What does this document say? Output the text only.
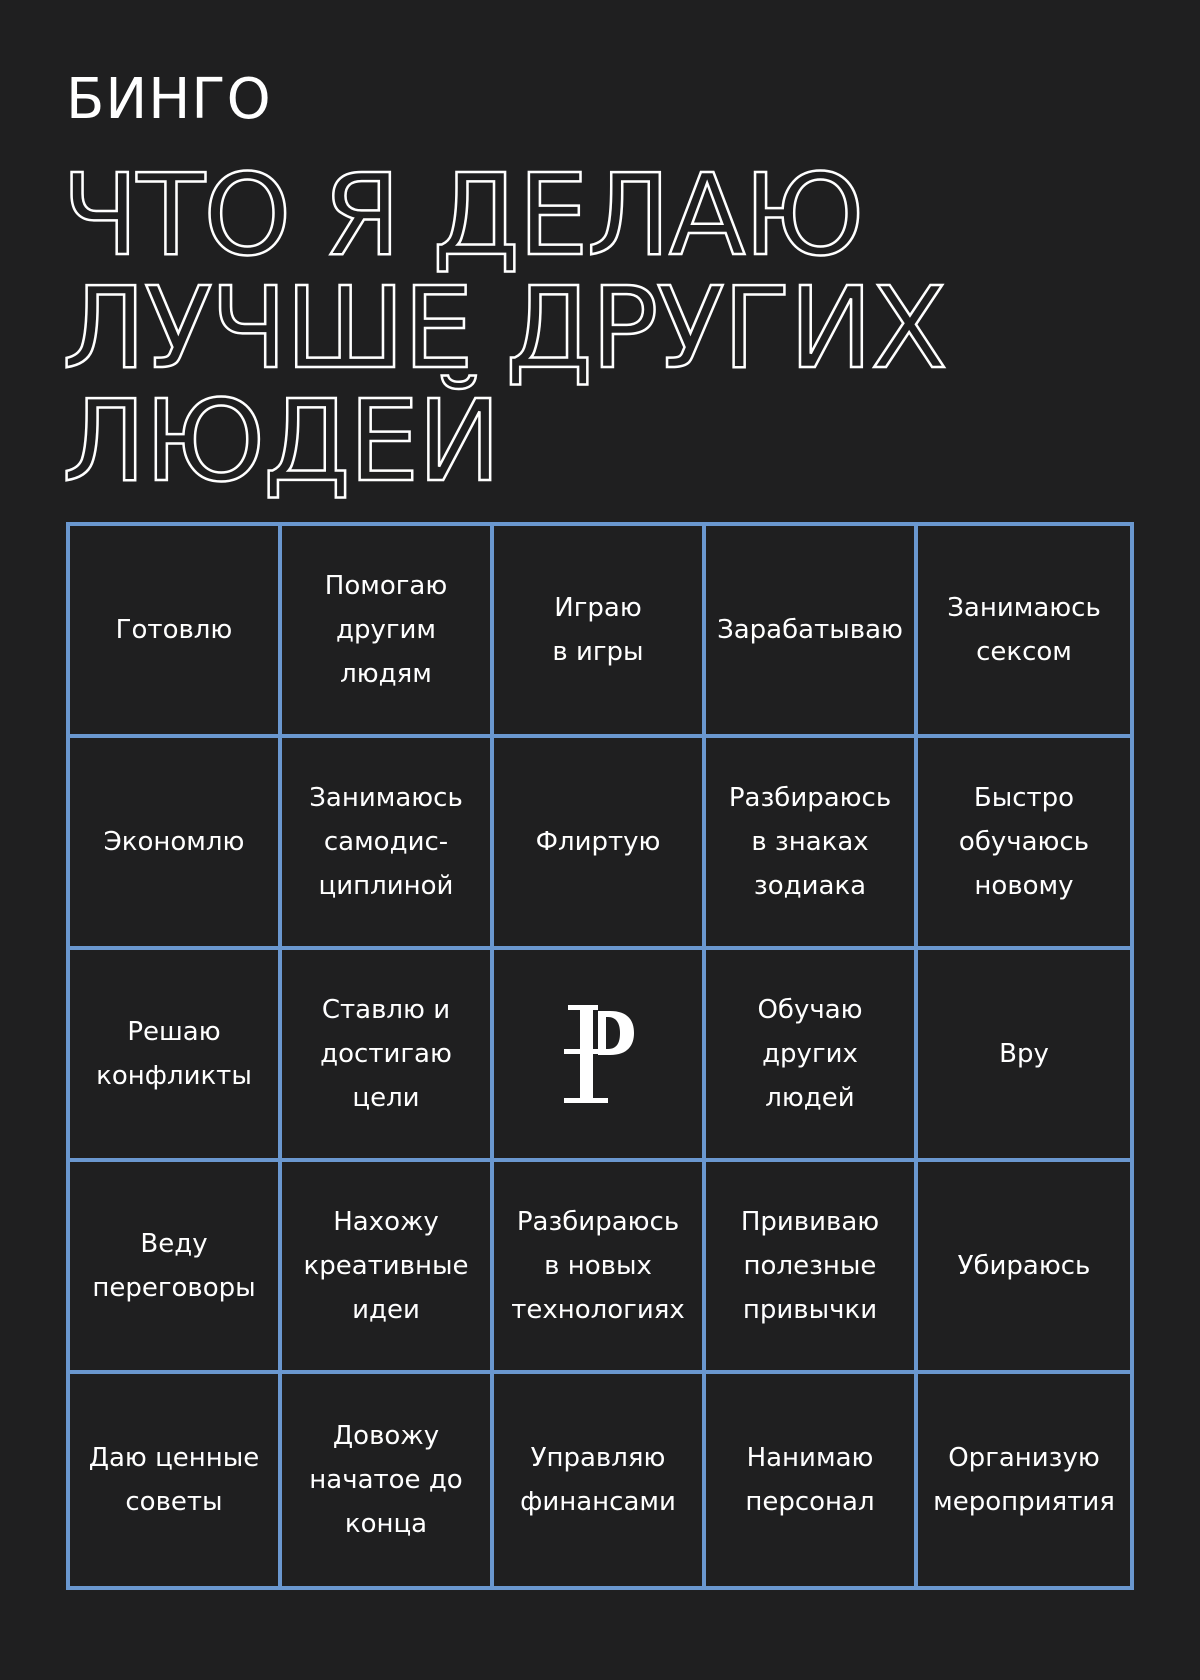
БИНГО
ЧТО Я ДЕЛАЮ
ЛУЧШЕ ДРУГИХ
ЛЮДЕЙ
Готовлю
Помогаю
другим
людям
Играю
в игры
Зарабатываю
Занимаюсь
сексом
Экономлю
Занимаюсь
самодис-
циплиной
Флиртую
Разбираюсь
в знаках
зодиака
Быстро
обучаюсь
новому
Решаю
конфликты
Ставлю и
достигаю
цели
Обучаю
других
людей
Вру
Веду
переговоры
Нахожу
креативные
идеи
Разбираюсь
в новых
технологиях
Прививаю
полезные
привычки
Убираюсь
Даю ценные
советы
Довожу
начатое до
конца
Управляю
финансами
Нанимаю
персонал
Организую
мероприятия
